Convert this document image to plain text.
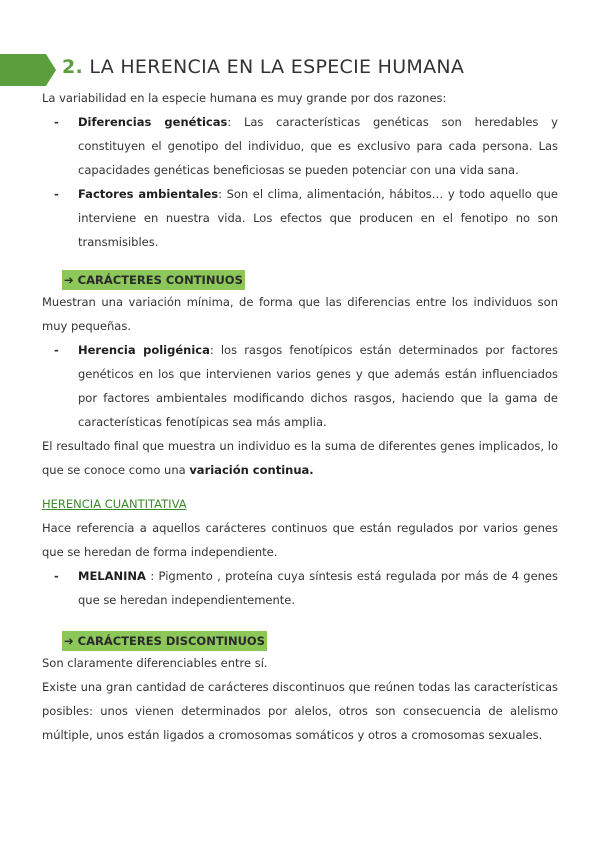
2. LA HERENCIA EN LA ESPECIE HUMANA

La variabilidad en la especie humana es muy grande por dos razones:

- Diferencias genéticas: Las características genéticas son heredables y constituyen el genotipo del individuo, que es exclusivo para cada persona. Las capacidades genéticas beneficiosas se pueden potenciar con una vida sana.

- Factores ambientales: Son el clima, alimentación, hábitos… y todo aquello que interviene en nuestra vida. Los efectos que producen en el fenotipo no son transmisibles.

➔ CARÁCTERES CONTINUOS

Muestran una variación mínima, de forma que las diferencias entre los individuos son muy pequeñas.

- Herencia poligénica: los rasgos fenotípicos están determinados por factores genéticos en los que intervienen varios genes y que además están influenciados por factores ambientales modificando dichos rasgos, haciendo que la gama de características fenotípicas sea más amplia.

El resultado final que muestra un individuo es la suma de diferentes genes implicados, lo que se conoce como una variación continua.

HERENCIA CUANTITATIVA

Hace referencia a aquellos carácteres continuos que están regulados por varios genes que se heredan de forma independiente.

- MELANINA : Pigmento , proteína cuya síntesis está regulada por más de 4 genes que se heredan independientemente.

➔ CARÁCTERES DISCONTINUOS

Son claramente diferenciables entre sí.

Existe una gran cantidad de carácteres discontinuos que reúnen todas las características posibles: unos vienen determinados por alelos, otros son consecuencia de alelismo múltiple, unos están ligados a cromosomas somáticos y otros a cromosomas sexuales.
